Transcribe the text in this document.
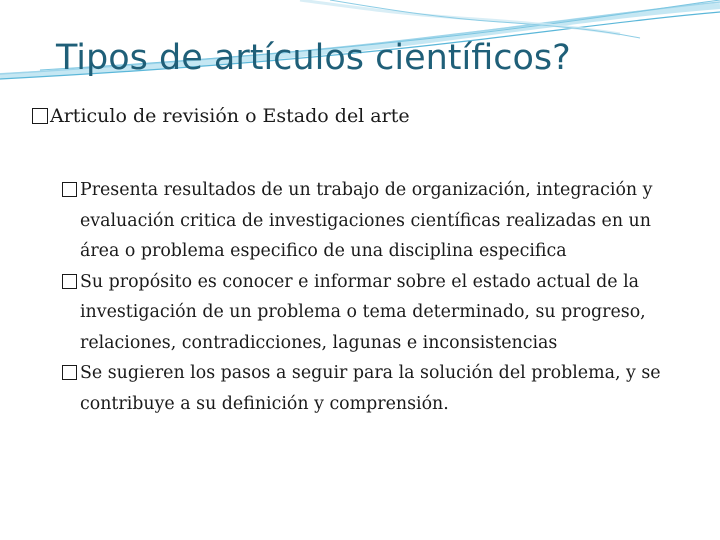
Tipos de artículos científicos?
Articulo de revisión o Estado del arte
Presenta resultados de un trabajo de organización, integración y evaluación critica de investigaciones científicas realizadas en un área o problema especifico de una disciplina especifica
Su propósito es conocer e informar sobre el estado actual de la investigación de un problema o tema determinado, su progreso, relaciones, contradicciones, lagunas e inconsistencias
Se sugieren los pasos a seguir para la solución del problema, y se contribuye a su definición y comprensión.
